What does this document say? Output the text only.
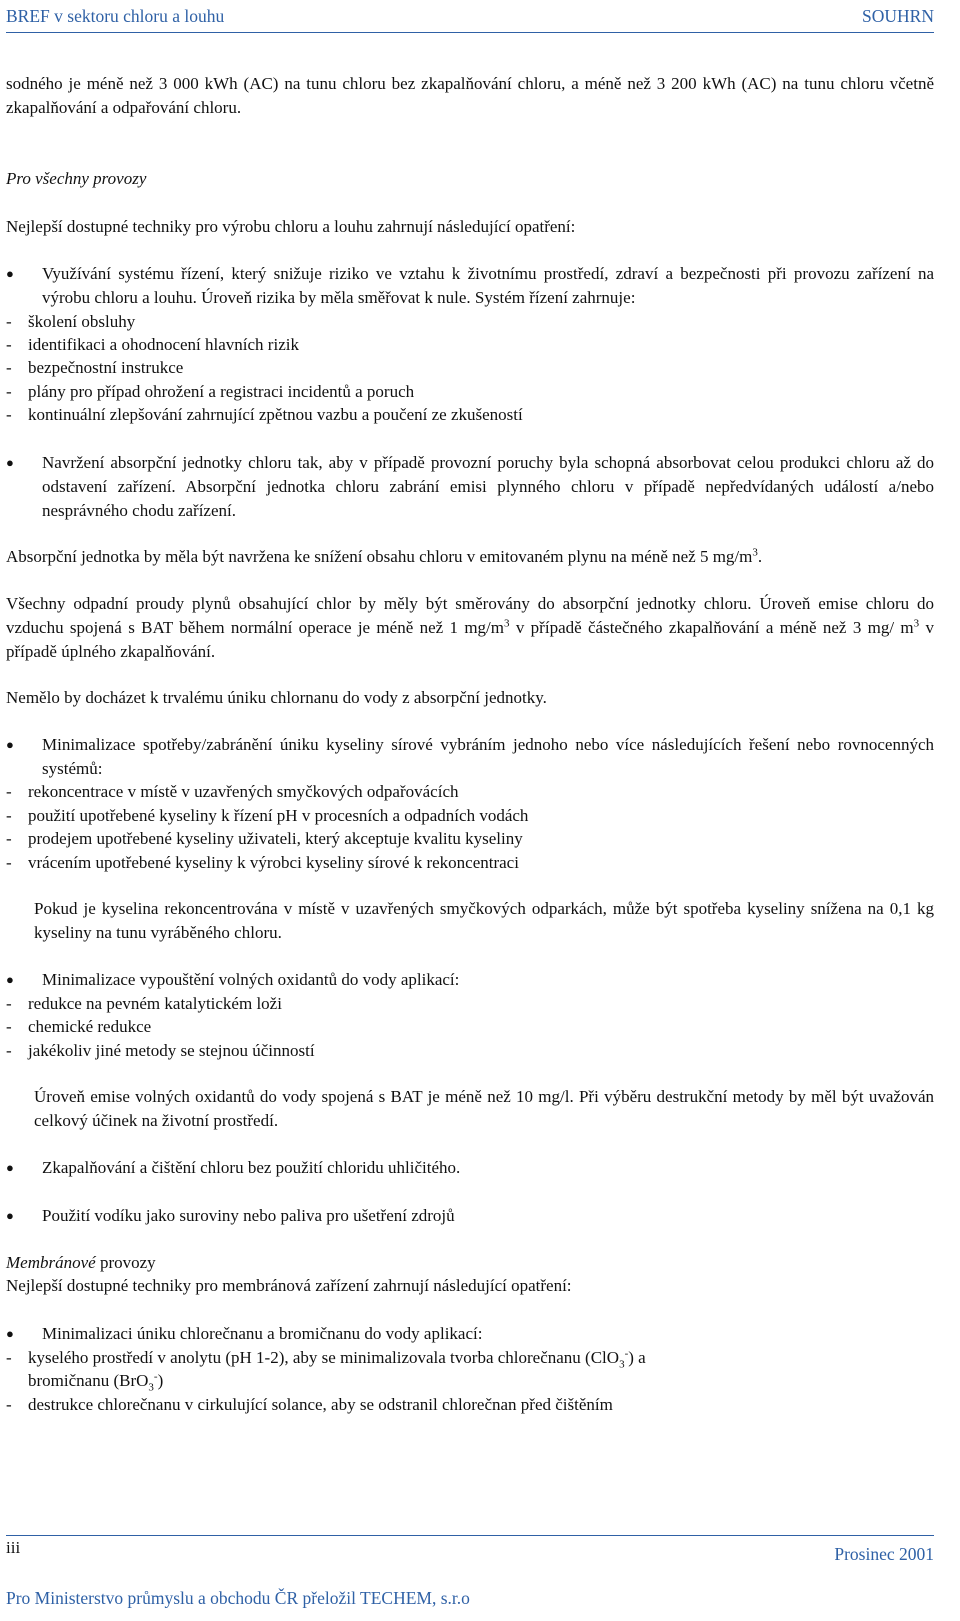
BREF v sektoru chloru a louhu	SOUHRN
sodného je méně než 3 000 kWh (AC) na tunu chloru bez zkapalňování chloru, a méně než 3 200 kWh (AC) na tunu chloru včetně zkapalňování a odpařování chloru.
Pro všechny provozy
Nejlepší dostupné techniky pro výrobu chloru a louhu zahrnují následující opatření:
●	Využívání systému řízení, který snižuje riziko ve vztahu k životnímu prostředí, zdraví a bezpečnosti při provozu zařízení na výrobu chloru a louhu. Úroveň rizika by měla směřovat k nule. Systém řízení zahrnuje:
- školení obsluhy
- identifikaci a ohodnocení hlavních rizik
- bezpečnostní instrukce
- plány pro případ ohrožení a registraci incidentů a poruch
- kontinuální zlepšování zahrnující zpětnou vazbu a poučení ze zkušeností
●	Navržení absorpční jednotky chloru tak, aby v případě provozní poruchy byla schopná absorbovat celou produkci chloru až do odstavení zařízení. Absorpční jednotka chloru zabrání emisi plynného chloru v případě nepředvídaných událostí a/nebo nesprávného chodu zařízení.
Absorpční jednotka by měla být navržena ke snížení obsahu chloru v emitovaném plynu na méně než 5 $mg/m^3$.
Všechny odpadní proudy plynů obsahující chlor by měly být směrovány do absorpční jednotky chloru. Úroveň emise chloru do vzduchu spojená s BAT během normální operace je méně než 1 $mg/m^3$ v případě částečného zkapalňování a méně než 3 mg/ $m^3$ v případě úplného zkapalňování.
Nemělo by docházet k trvalému úniku chlornanu do vody z absorpční jednotky.
●	Minimalizace spotřeby/zabránění úniku kyseliny sírové vybráním jednoho nebo více následujících řešení nebo rovnocenných systémů:
- rekoncentrace v místě v uzavřených smyčkových odpařovácích
- použití upotřebené kyseliny k řízení pH v procesních a odpadních vodách
- prodejem upotřebené kyseliny uživateli, který akceptuje kvalitu kyseliny
- vrácením upotřebené kyseliny k výrobci kyseliny sírové k rekoncentraci
Pokud je kyselina rekoncentrována v místě v uzavřených smyčkových odparkách, může být spotřeba kyseliny snížena na 0,1 kg kyseliny na tunu vyráběného chloru.
●	Minimalizace vypouštění volných oxidantů do vody aplikací:
- redukce na pevném katalytickém loži
- chemické redukce
- jakékoliv jiné metody se stejnou účinností
Úroveň emise volných oxidantů do vody spojená s BAT je méně než 10 mg/l. Při výběru destrukční metody by měl být uvažován celkový účinek na životní prostředí.
●	Zkapalňování a čištění chloru bez použití chloridu uhličitého.
●	Použití vodíku jako suroviny nebo paliva pro ušetření zdrojů
Membránové provozy
Nejlepší dostupné techniky pro membránová zařízení zahrnují následující opatření:
●	Minimalizaci úniku chlorečnanu a bromičnanu do vody aplikací:
- kyselého prostředí v anolytu (pH 1-2), aby se minimalizovala tvorba chlorečnanu (ClO$_3$-) a
bromičnanu (BrO$_3$-)
- destrukce chlorečnanu v cirkulující solance, aby se odstranil chlorečnan před čištěním
iii	Prosinec 2001
Pro Ministerstvo průmyslu a obchodu ČR přeložil TECHEM, s.r.o
